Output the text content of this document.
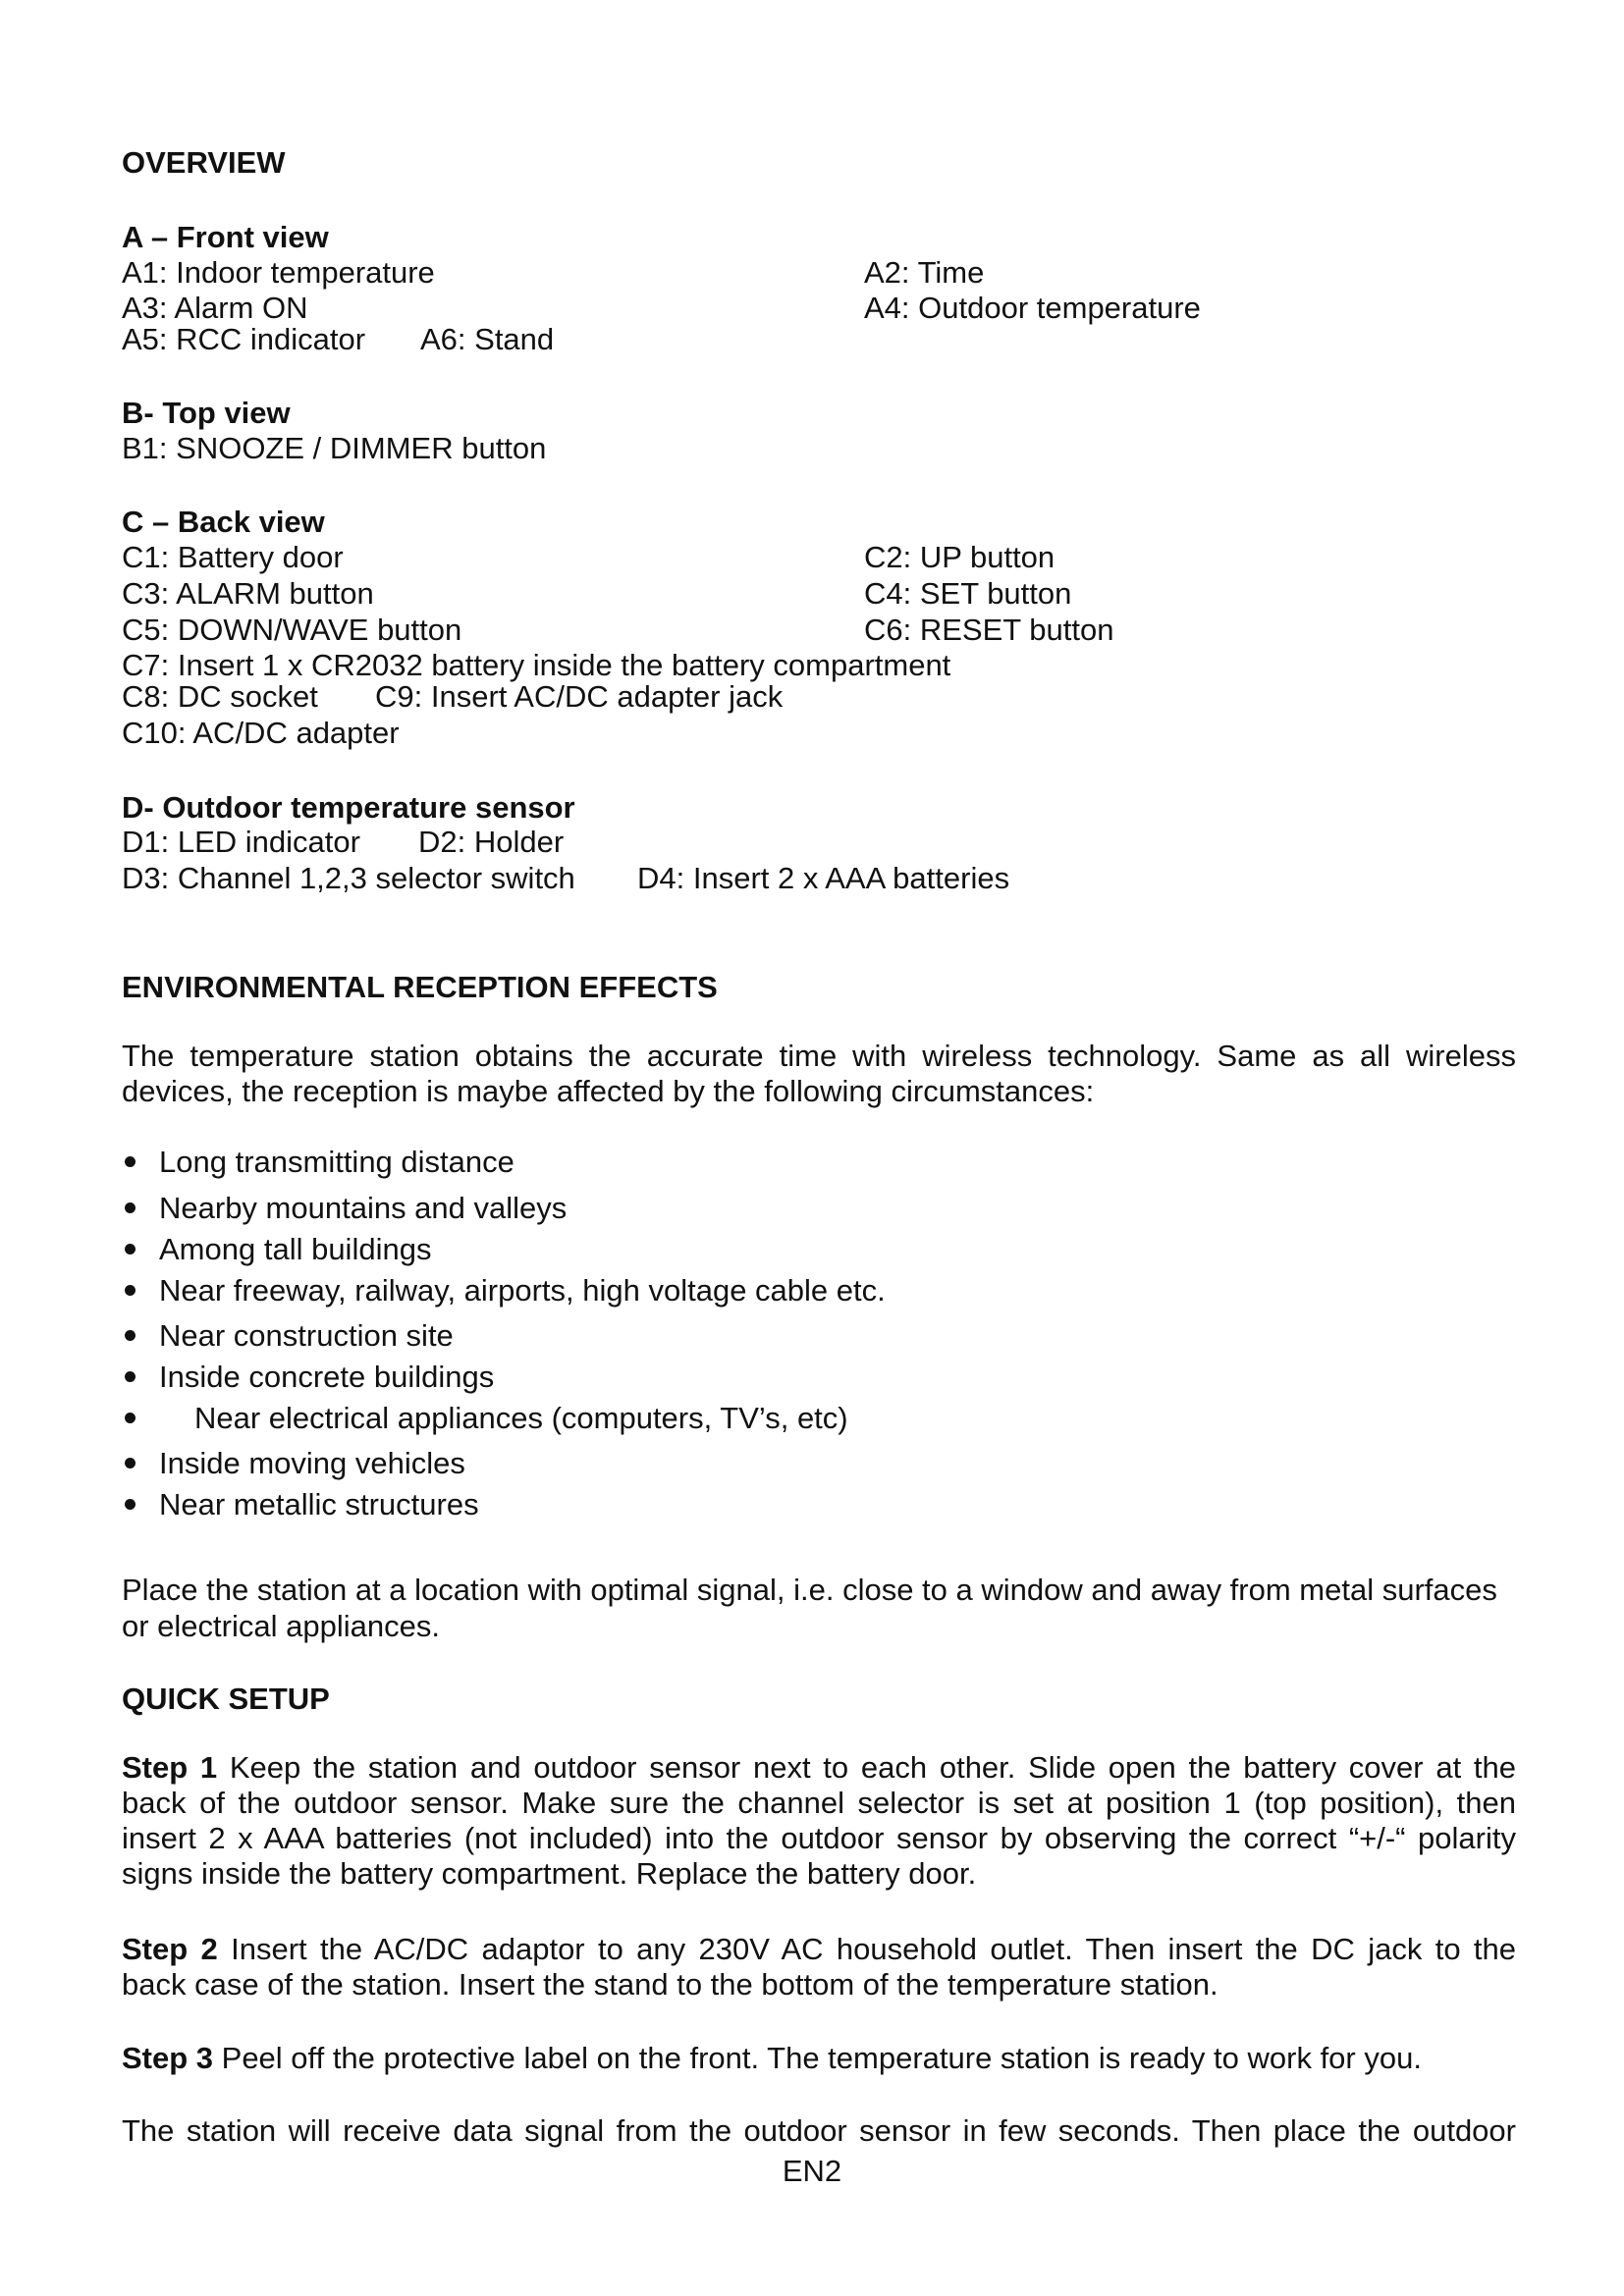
OVERVIEW
A – Front view
A1: Indoor temperature	A2: Time
A3: Alarm ON	A4: Outdoor temperature
A5: RCC indicator A6: Stand
B- Top view
B1: SNOOZE / DIMMER button
C – Back view
C1: Battery door	C2: UP button
C3: ALARM button	C4: SET button
C5: DOWN/WAVE button	C6: RESET button
C7: Insert 1 x CR2032 battery inside the battery compartment
C8: DC socket C9: Insert AC/DC adapter jack
C10: AC/DC adapter
D- Outdoor temperature sensor
D1: LED indicator D2: Holder
D3: Channel 1,2,3 selector switch D4: Insert 2 x AAA batteries
ENVIRONMENTAL RECEPTION EFFECTS
The temperature station obtains the accurate time with wireless technology. Same as all wireless
devices, the reception is maybe affected by the following circumstances:
Long transmitting distance
Nearby mountains and valleys
Among tall buildings
Near freeway, railway, airports, high voltage cable etc.
Near construction site
Inside concrete buildings
Near electrical appliances (computers, TV’s, etc)
Inside moving vehicles
Near metallic structures
Place the station at a location with optimal signal, i.e. close to a window and away from metal surfaces
or electrical appliances.
QUICK SETUP
Step 1 Keep the station and outdoor sensor next to each other. Slide open the battery cover at the
back of the outdoor sensor. Make sure the channel selector is set at position 1 (top position), then
insert 2 x AAA batteries (not included) into the outdoor sensor by observing the correct “+/-“ polarity
signs inside the battery compartment. Replace the battery door.
Step 2 Insert the AC/DC adaptor to any 230V AC household outlet. Then insert the DC jack to the
back case of the station. Insert the stand to the bottom of the temperature station.
Step 3 Peel off the protective label on the front. The temperature station is ready to work for you.
The station will receive data signal from the outdoor sensor in few seconds. Then place the outdoor
EN2
